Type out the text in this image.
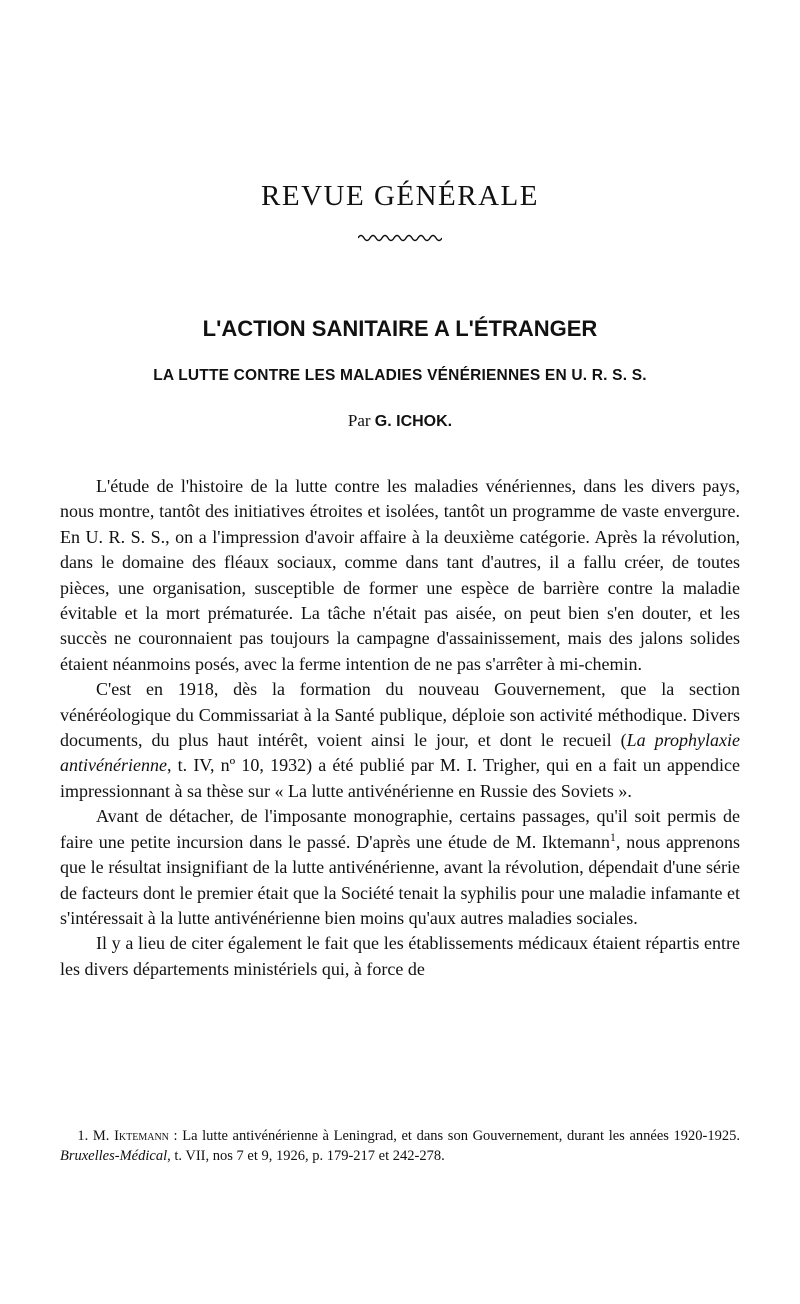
REVUE GÉNÉRALE
L'ACTION SANITAIRE A L'ÉTRANGER
LA LUTTE CONTRE LES MALADIES VÉNÉRIENNES EN U. R. S. S.

Par G. ICHOK.

L'étude de l'histoire de la lutte contre les maladies vénériennes, dans les divers pays, nous montre, tantôt des initiatives étroites et isolées, tantôt un programme de vaste envergure. En U. R. S. S., on a l'impression d'avoir affaire à la deuxième catégorie. Après la révolution, dans le domaine des fléaux sociaux, comme dans tant d'autres, il a fallu créer, de toutes pièces, une organisation, susceptible de former une espèce de barrière contre la maladie évitable et la mort prématurée. La tâche n'était pas aisée, on peut bien s'en douter, et les succès ne couronnaient pas toujours la campagne d'assainissement, mais des jalons solides étaient néanmoins posés, avec la ferme intention de ne pas s'arrêter à mi-chemin.

C'est en 1918, dès la formation du nouveau Gouvernement, que la section vénéréologique du Commissariat à la Santé publique, déploie son activité méthodique. Divers documents, du plus haut intérêt, voient ainsi le jour, et dont le recueil (La prophylaxie antivénérienne, t. IV, nº 10, 1932) a été publié par M. I. Trigher, qui en a fait un appendice impressionnant à sa thèse sur « La lutte antivénérienne en Russie des Soviets ».

Avant de détacher, de l'imposante monographie, certains passages, qu'il soit permis de faire une petite incursion dans le passé. D'après une étude de M. Iktemann$^1$, nous apprenons que le résultat insignifiant de la lutte antivénérienne, avant la révolution, dépendait d'une série de facteurs dont le premier était que la Société tenait la syphilis pour une maladie infamante et s'intéressait à la lutte antivénérienne bien moins qu'aux autres maladies sociales.

Il y a lieu de citer également le fait que les établissements médicaux étaient répartis entre les divers départements ministériels qui, à force de

1. M. Iktemann : La lutte antivénérienne à Leningrad, et dans son Gouvernement, durant les années 1920-1925. Bruxelles-Médical, t. VII, nos 7 et 9, 1926, p. 179-217 et 242-278.
